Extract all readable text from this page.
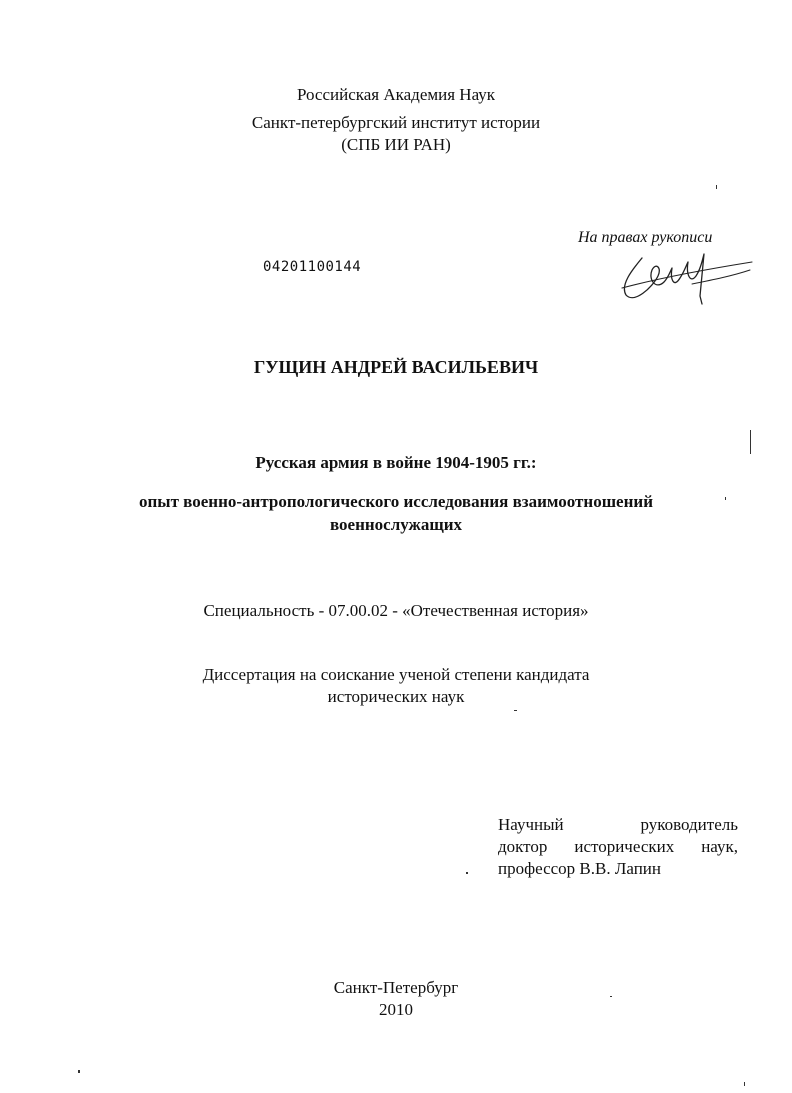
Российская Академия Наук
Санкт-петербургский институт истории
(СПБ ИИ РАН)
На правах рукописи
04201100144
ГУЩИН АНДРЕЙ ВАСИЛЬЕВИЧ
Русская армия в войне 1904-1905 гг.:
опыт военно-антропологического исследования взаимоотношений
военнослужащих
Специальность - 07.00.02 - «Отечественная история»
Диссертация на соискание ученой степени кандидата
исторических наук
Научный руководитель
доктор исторических наук,
профессор В.В. Лапин
Санкт-Петербург
2010
